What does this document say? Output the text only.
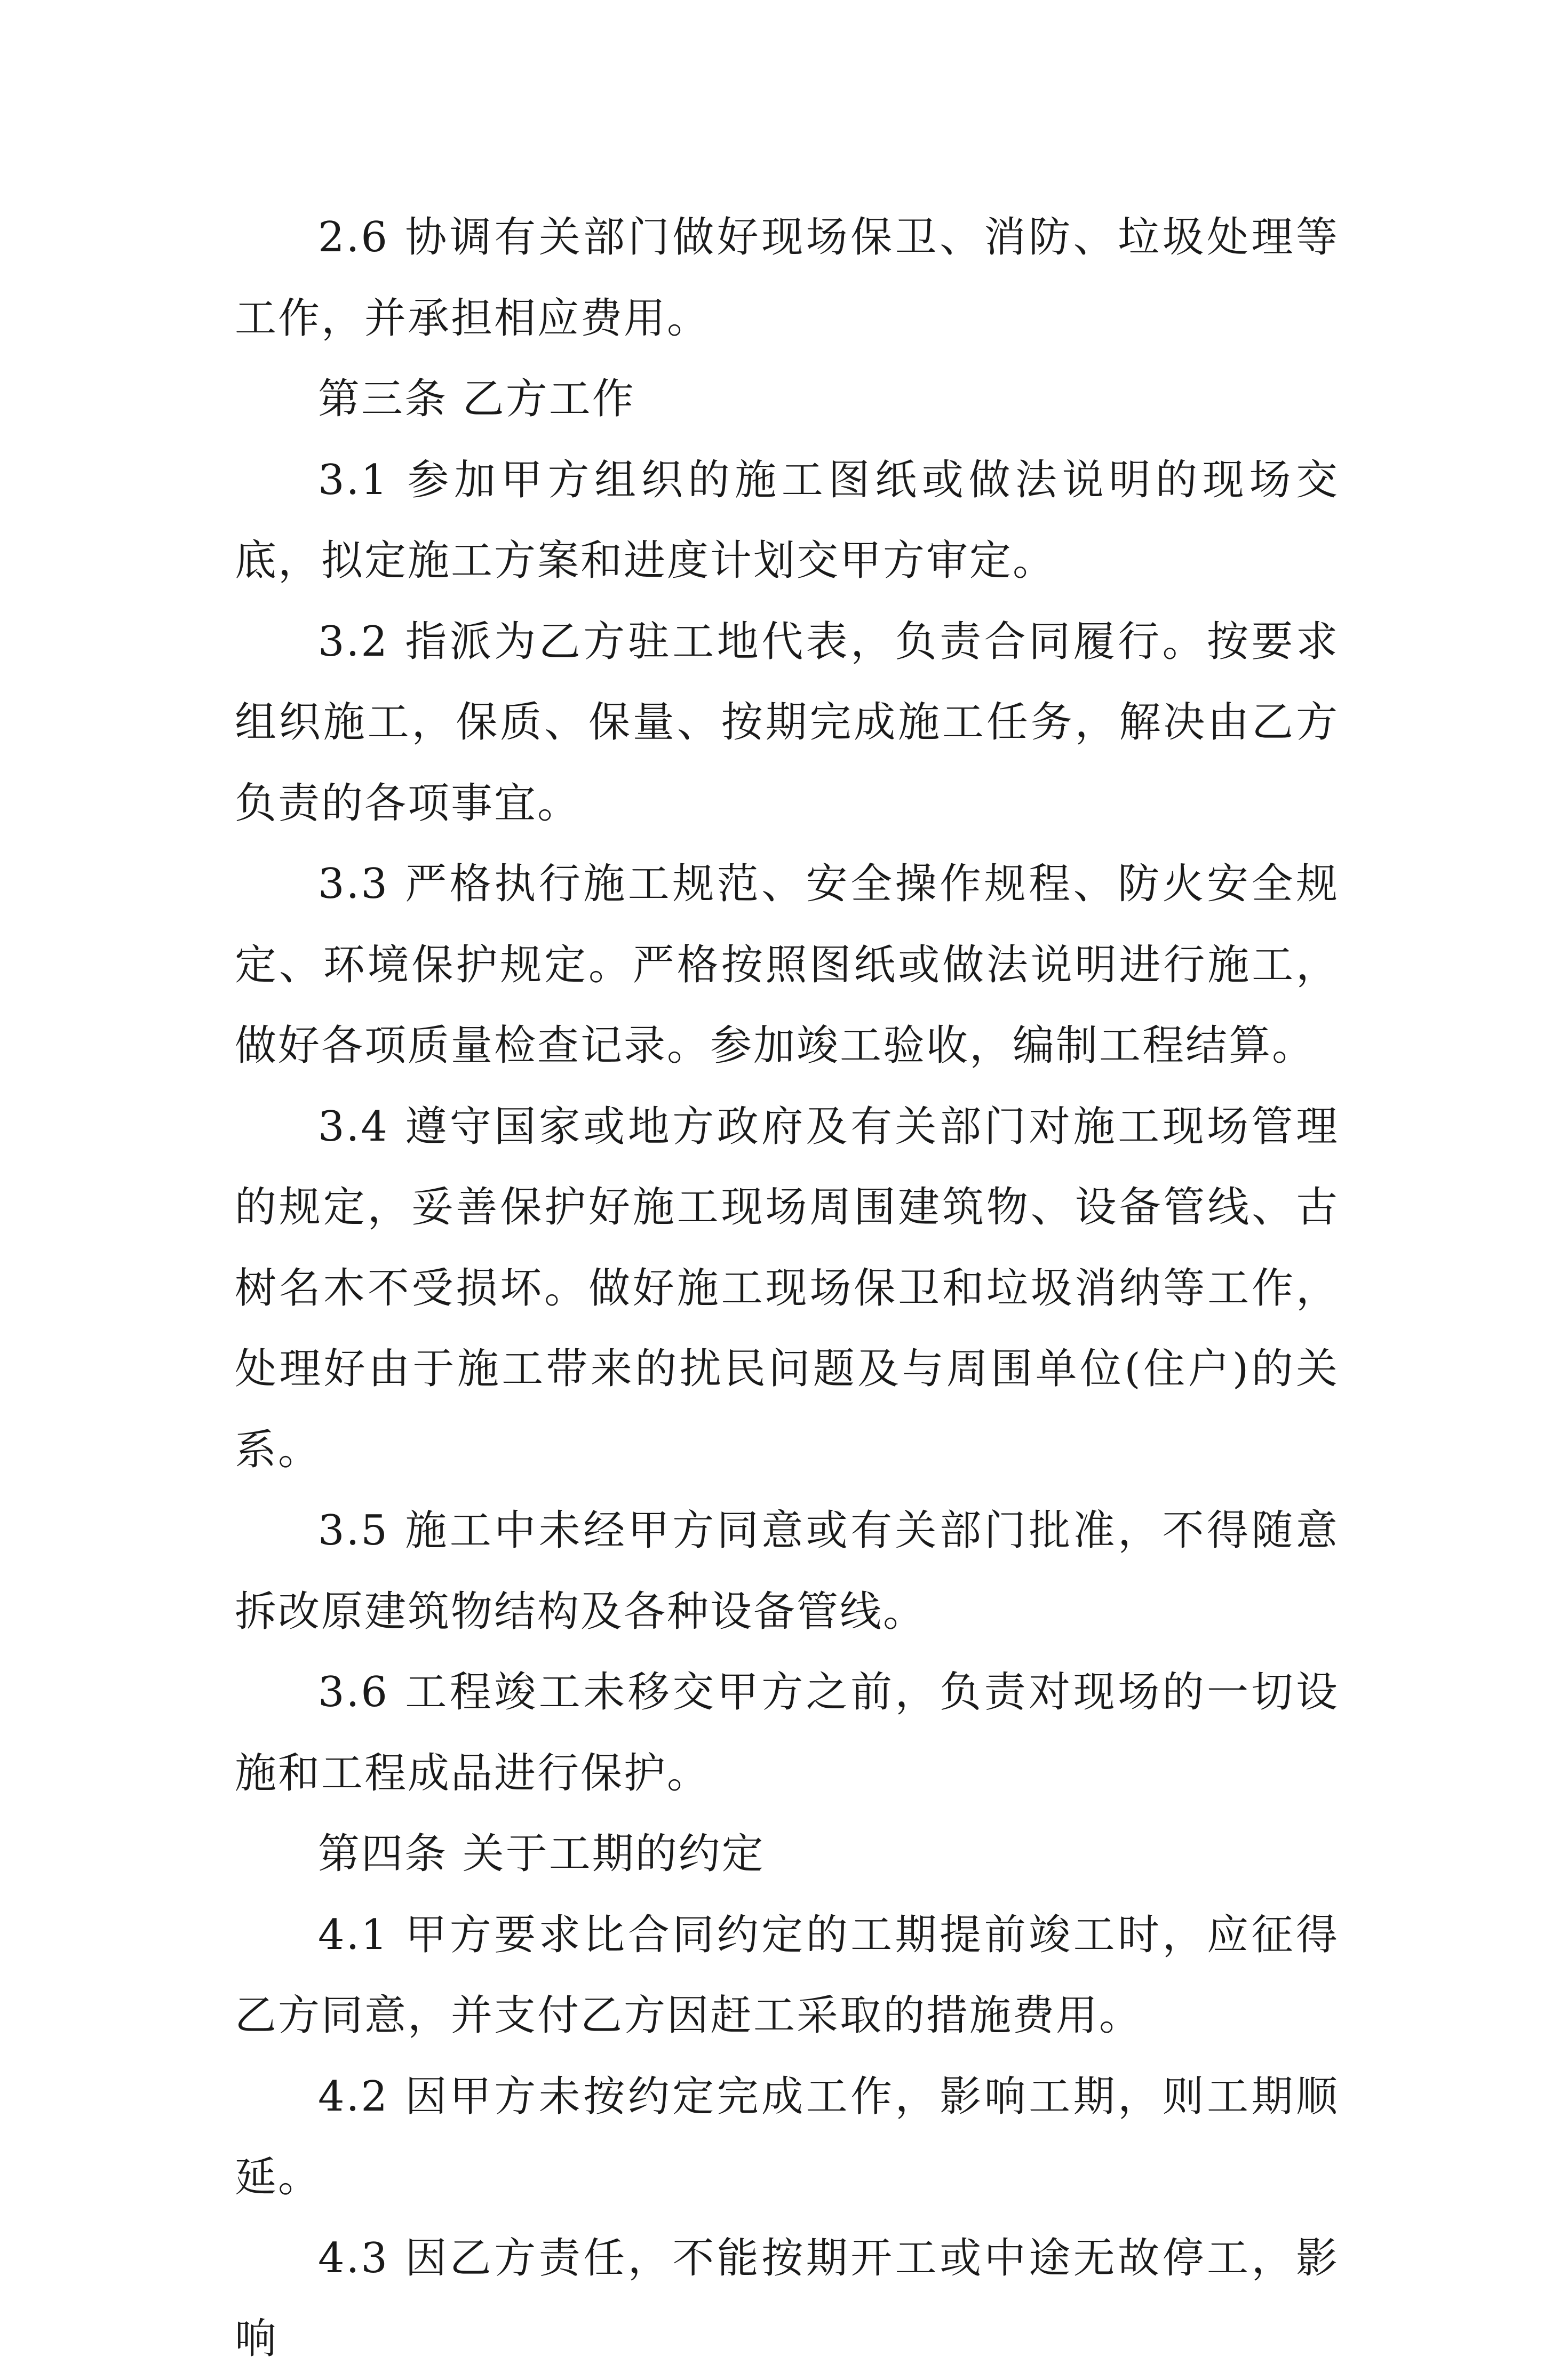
2.6 协调有关部门做好现场保卫、消防、垃圾处理等工作，并承担相应费用。

第三条 乙方工作

3.1 参加甲方组织的施工图纸或做法说明的现场交底，拟定施工方案和进度计划交甲方审定。

3.2 指派为乙方驻工地代表，负责合同履行。按要求组织施工，保质、保量、按期完成施工任务，解决由乙方负责的各项事宜。

3.3 严格执行施工规范、安全操作规程、防火安全规定、环境保护规定。严格按照图纸或做法说明进行施工，做好各项质量检查记录。参加竣工验收，编制工程结算。

3.4 遵守国家或地方政府及有关部门对施工现场管理的规定，妥善保护好施工现场周围建筑物、设备管线、古树名木不受损坏。做好施工现场保卫和垃圾消纳等工作，处理好由于施工带来的扰民问题及与周围单位(住户)的关系。

3.5 施工中未经甲方同意或有关部门批准，不得随意拆改原建筑物结构及各种设备管线。

3.6 工程竣工未移交甲方之前，负责对现场的一切设施和工程成品进行保护。

第四条 关于工期的约定

4.1 甲方要求比合同约定的工期提前竣工时，应征得乙方同意，并支付乙方因赶工采取的措施费用。

4.2 因甲方未按约定完成工作，影响工期，则工期顺延。

4.3 因乙方责任，不能按期开工或中途无故停工，影响
